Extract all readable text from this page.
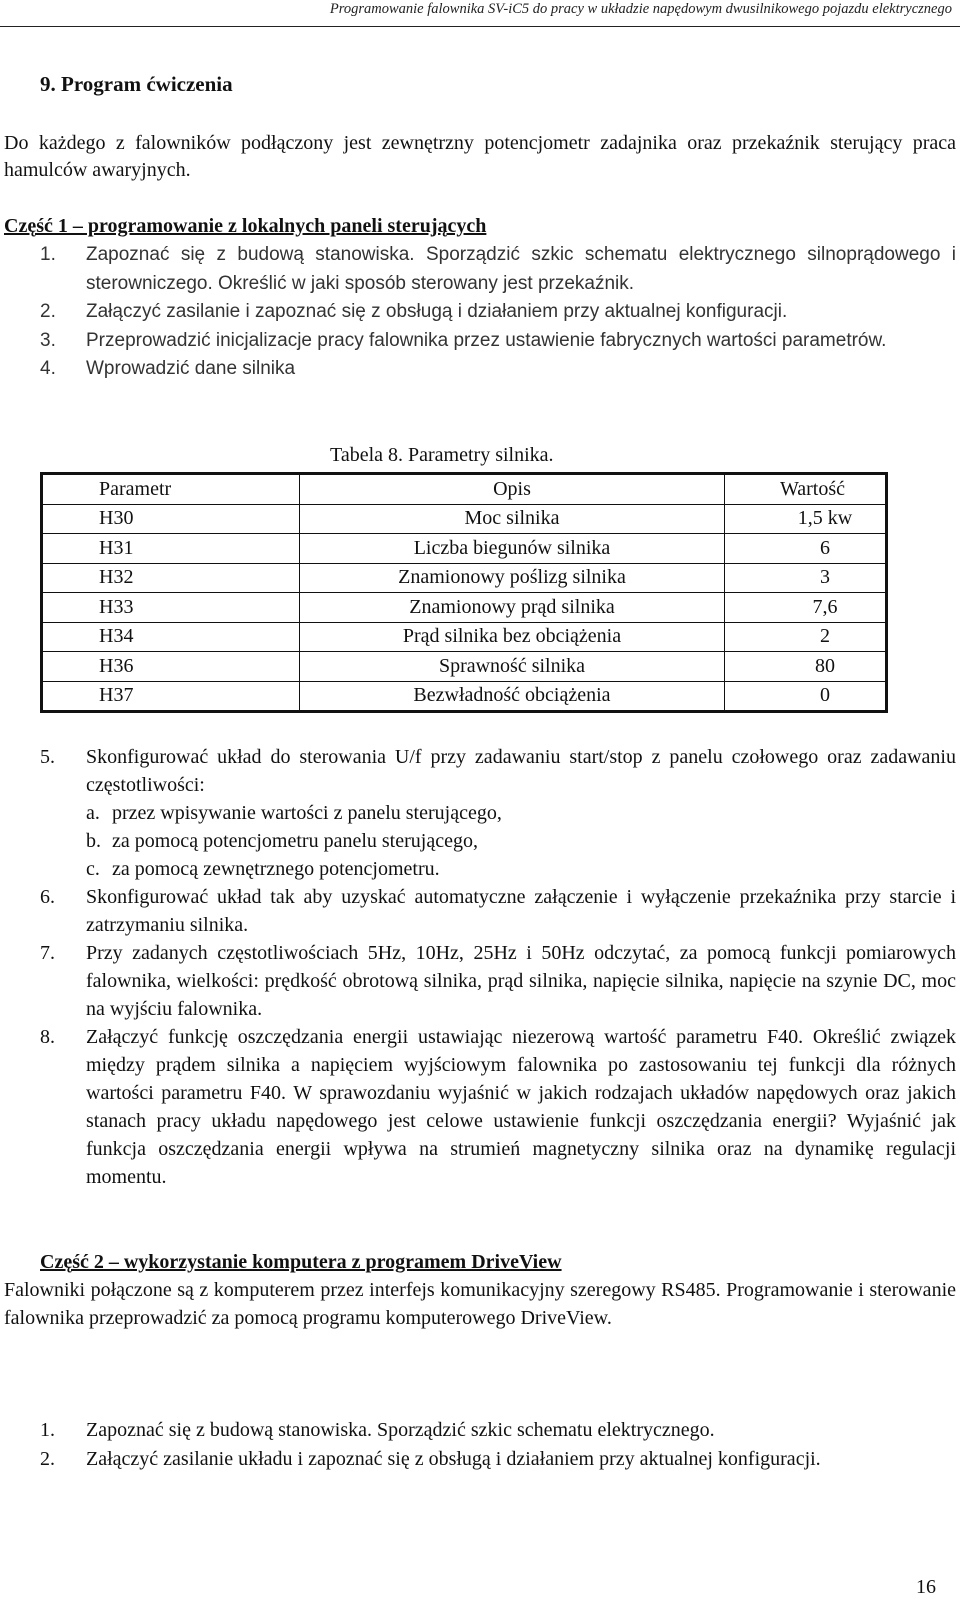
Programowanie falownika SV-iC5 do pracy w układzie napędowym dwusilnikowego pojazdu elektrycznego
9. Program ćwiczenia
Do każdego z falowników podłączony jest zewnętrzny potencjometr zadajnika oraz przekaźnik sterujący praca hamulców awaryjnych.
Część 1 – programowanie z lokalnych paneli sterujących
1. Zapoznać się z budową stanowiska. Sporządzić szkic schematu elektrycznego silnoprądowego i sterowniczego. Określić w jaki sposób sterowany jest przekaźnik.
2. Załączyć zasilanie i zapoznać się z obsługą i działaniem przy aktualnej konfiguracji.
3. Przeprowadzić inicjalizacje pracy falownika przez ustawienie fabrycznych wartości parametrów.
4. Wprowadzić dane silnika
Tabela 8. Parametry silnika.
Parametr	Opis	Wartość
H30	Moc silnika	1,5 kw
H31	Liczba biegunów silnika	6
H32	Znamionowy poślizg silnika	3
H33	Znamionowy prąd silnika	7,6
H34	Prąd silnika bez obciążenia	2
H36	Sprawność silnika	80
H37	Bezwładność obciążenia	0
5. Skonfigurować układ do sterowania U/f przy zadawaniu start/stop z panelu czołowego oraz zadawaniu częstotliwości:
a. przez wpisywanie wartości z panelu sterującego,
b. za pomocą potencjometru panelu sterującego,
c. za pomocą zewnętrznego potencjometru.
6. Skonfigurować układ tak aby uzyskać automatyczne załączenie i wyłączenie przekaźnika przy starcie i zatrzymaniu silnika.
7. Przy zadanych częstotliwościach 5Hz, 10Hz, 25Hz i 50Hz odczytać, za pomocą funkcji pomiarowych falownika, wielkości: prędkość obrotową silnika, prąd silnika, napięcie silnika, napięcie na szynie DC, moc na wyjściu falownika.
8. Załączyć funkcję oszczędzania energii ustawiając niezerową wartość parametru F40. Określić związek między prądem silnika a napięciem wyjściowym falownika po zastosowaniu tej funkcji dla różnych wartości parametru F40. W sprawozdaniu wyjaśnić w jakich rodzajach układów napędowych oraz jakich stanach pracy układu napędowego jest celowe ustawienie funkcji oszczędzania energii? Wyjaśnić jak funkcja oszczędzania energii wpływa na strumień magnetyczny silnika oraz na dynamikę regulacji momentu.
Część 2 – wykorzystanie komputera z programem DriveView
Falowniki połączone są z komputerem przez interfejs komunikacyjny szeregowy RS485. Programowanie i sterowanie falownika przeprowadzić za pomocą programu komputerowego DriveView.
1. Zapoznać się z budową stanowiska. Sporządzić szkic schematu elektrycznego.
2. Załączyć zasilanie układu i zapoznać się z obsługą i działaniem przy aktualnej konfiguracji.
16
